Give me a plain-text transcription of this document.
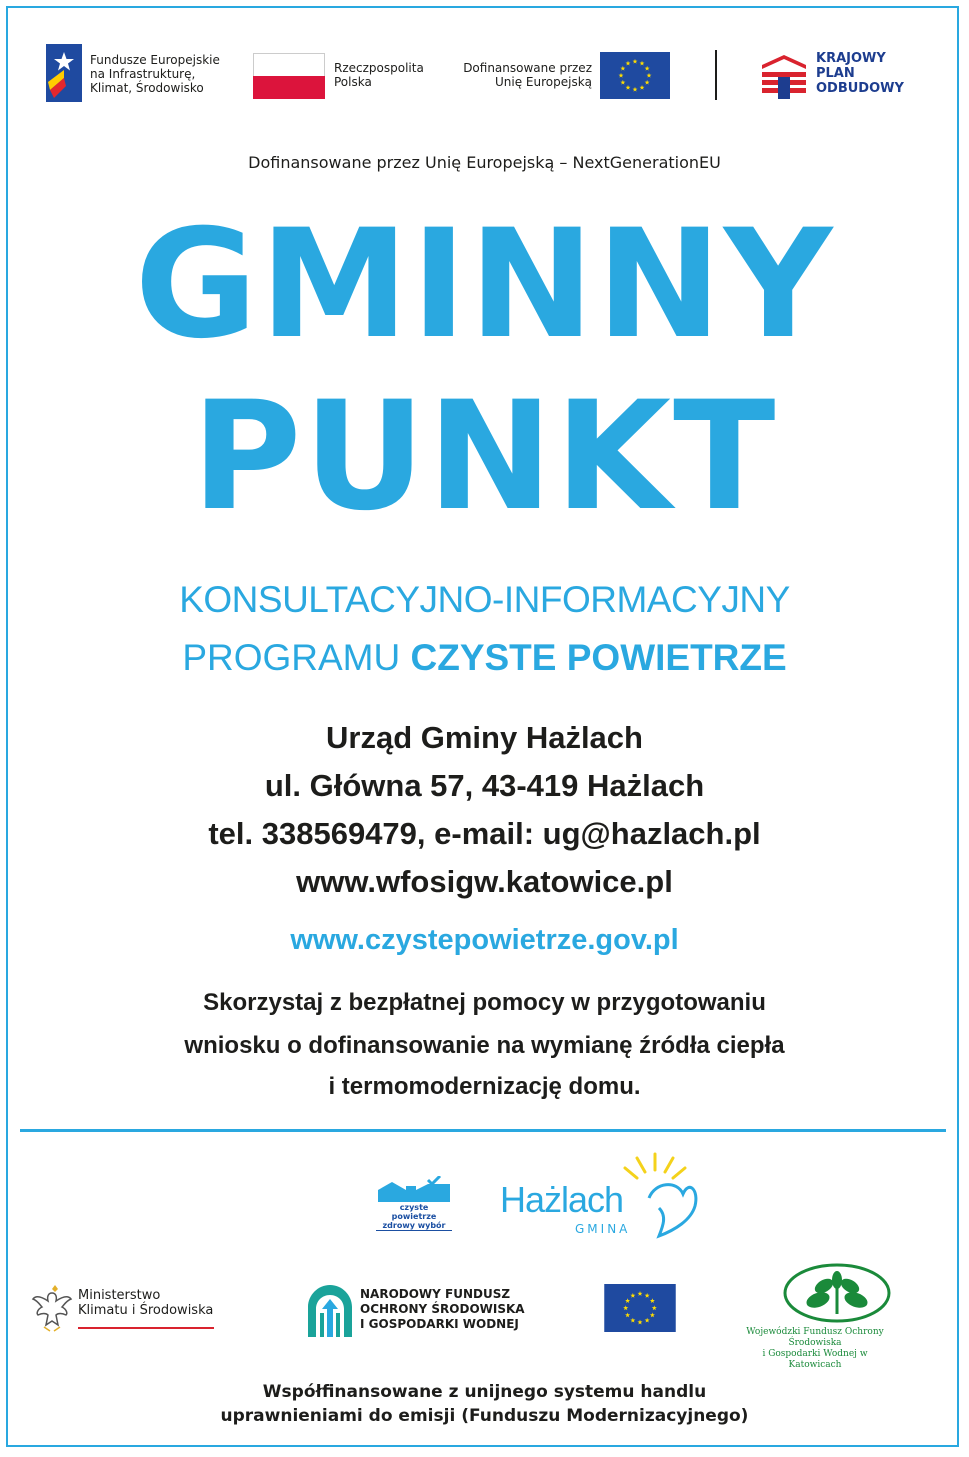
Fundusze Europejskie
na Infrastrukturę,
Klimat, Środowisko
Rzeczpospolita
Polska
Dofinansowane przez
Unię Europejską
KRAJOWY
PLAN
ODBUDOWY
Dofinansowane przez Unię Europejską – NextGenerationEU
GMINNY
PUNKT
KONSULTACYJNO-INFORMACYJNY
PROGRAMU CZYSTE POWIETRZE
Urząd Gminy Hażlach
ul. Główna 57, 43-419 Hażlach
tel. 338569479, e-mail: ug@hazlach.pl
www.wfosigw.katowice.pl
www.czystepowietrze.gov.pl
Skorzystaj z bezpłatnej pomocy w przygotowaniu
wniosku o dofinansowanie na wymianę źródła ciepła
i termomodernizację domu.
czyste powietrze
zdrowy wybór
Hażlach
GMINA
Ministerstwo
Klimatu i Środowiska
NARODOWY FUNDUSZ
OCHRONY ŚRODOWISKA
I GOSPODARKI WODNEJ
Wojewódzki Fundusz Ochrony Środowiska
i Gospodarki Wodnej w Katowicach
Współfinansowane z unijnego systemu handlu
uprawnieniami do emisji (Funduszu Modernizacyjnego)
